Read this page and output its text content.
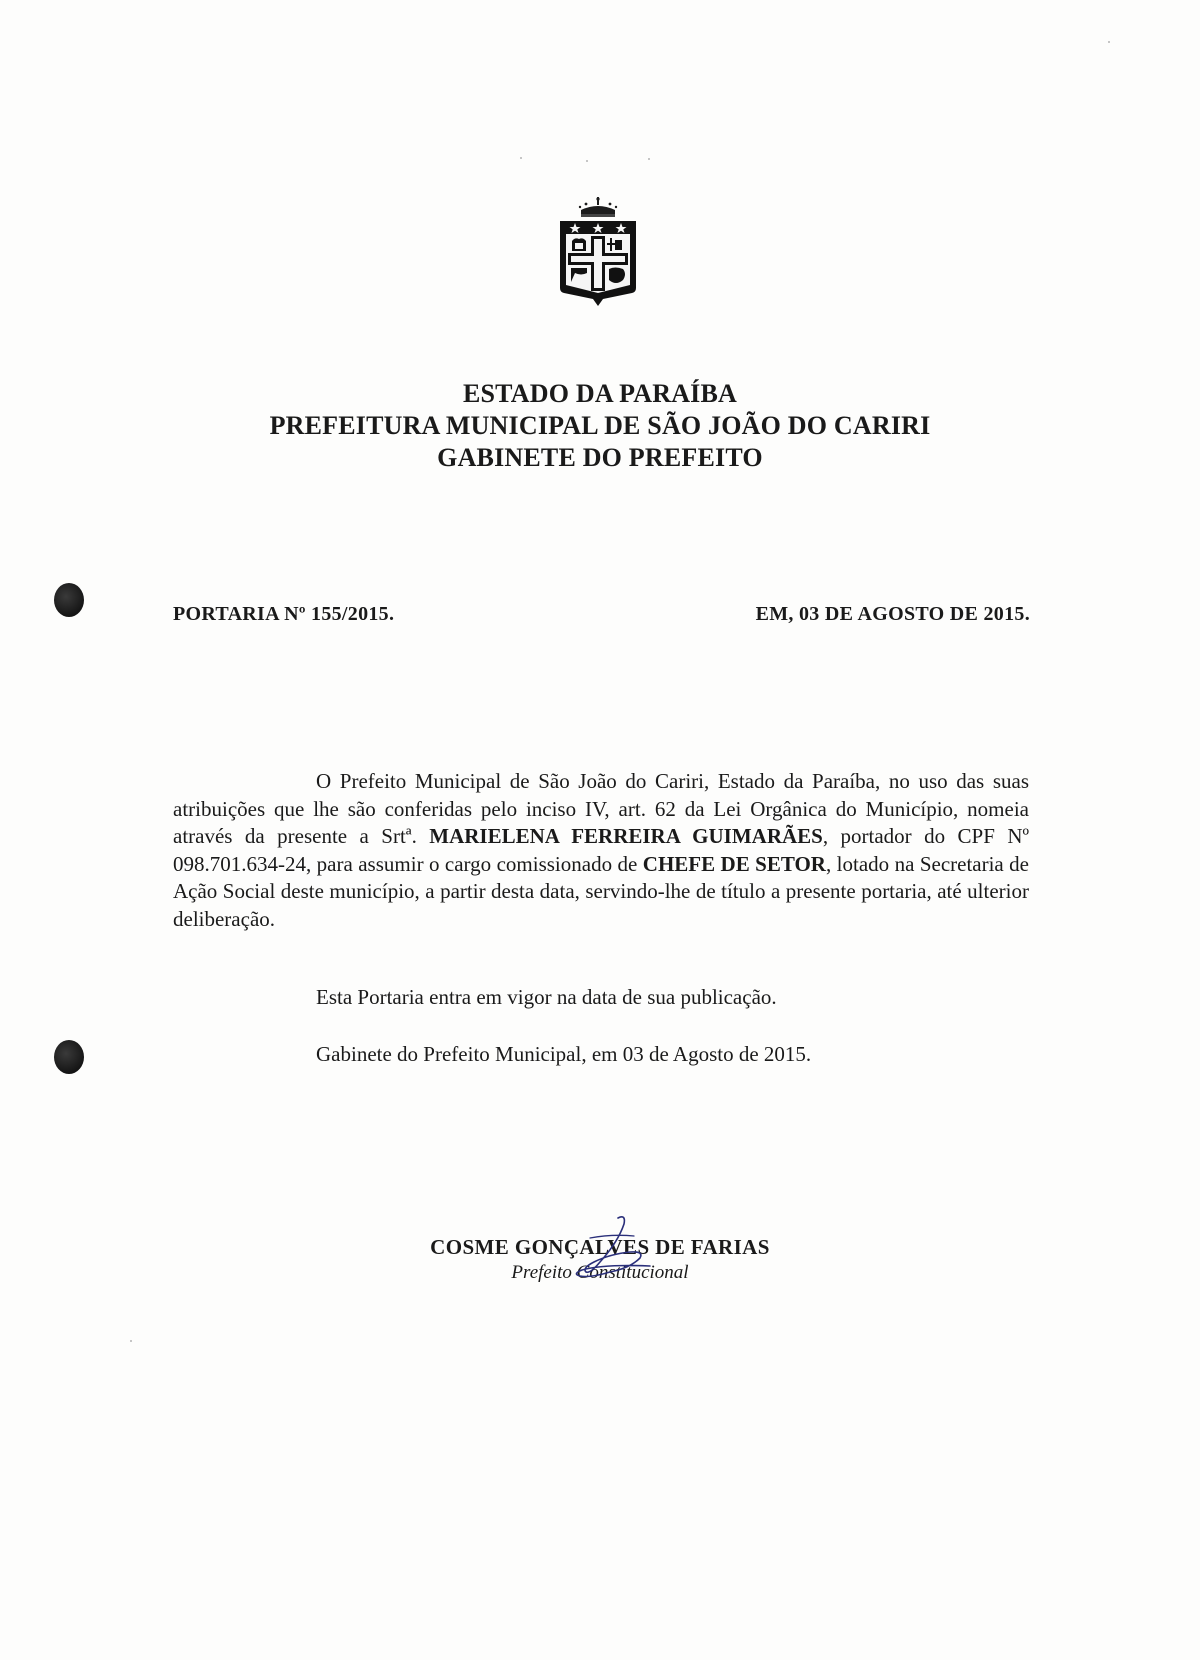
ESTADO DA PARAÍBA
PREFEITURA MUNICIPAL DE SÃO JOÃO DO CARIRI
GABINETE DO PREFEITO
PORTARIA Nº 155/2015.	EM, 03 DE AGOSTO DE 2015.

O Prefeito Municipal de São João do Cariri, Estado da Paraíba, no uso das suas atribuições que lhe são conferidas pelo inciso IV, art. 62 da Lei Orgânica do Município, nomeia através da presente a Srtª. MARIELENA FERREIRA GUIMARÃES, portador do CPF Nº 098.701.634-24, para assumir o cargo comissionado de CHEFE DE SETOR, lotado na Secretaria de Ação Social deste município, a partir desta data, servindo-lhe de título a presente portaria, até ulterior deliberação.

Esta Portaria entra em vigor na data de sua publicação.
Gabinete do Prefeito Municipal, em 03 de Agosto de 2015.
COSME GONÇALVES DE FARIAS
Prefeito Constitucional
